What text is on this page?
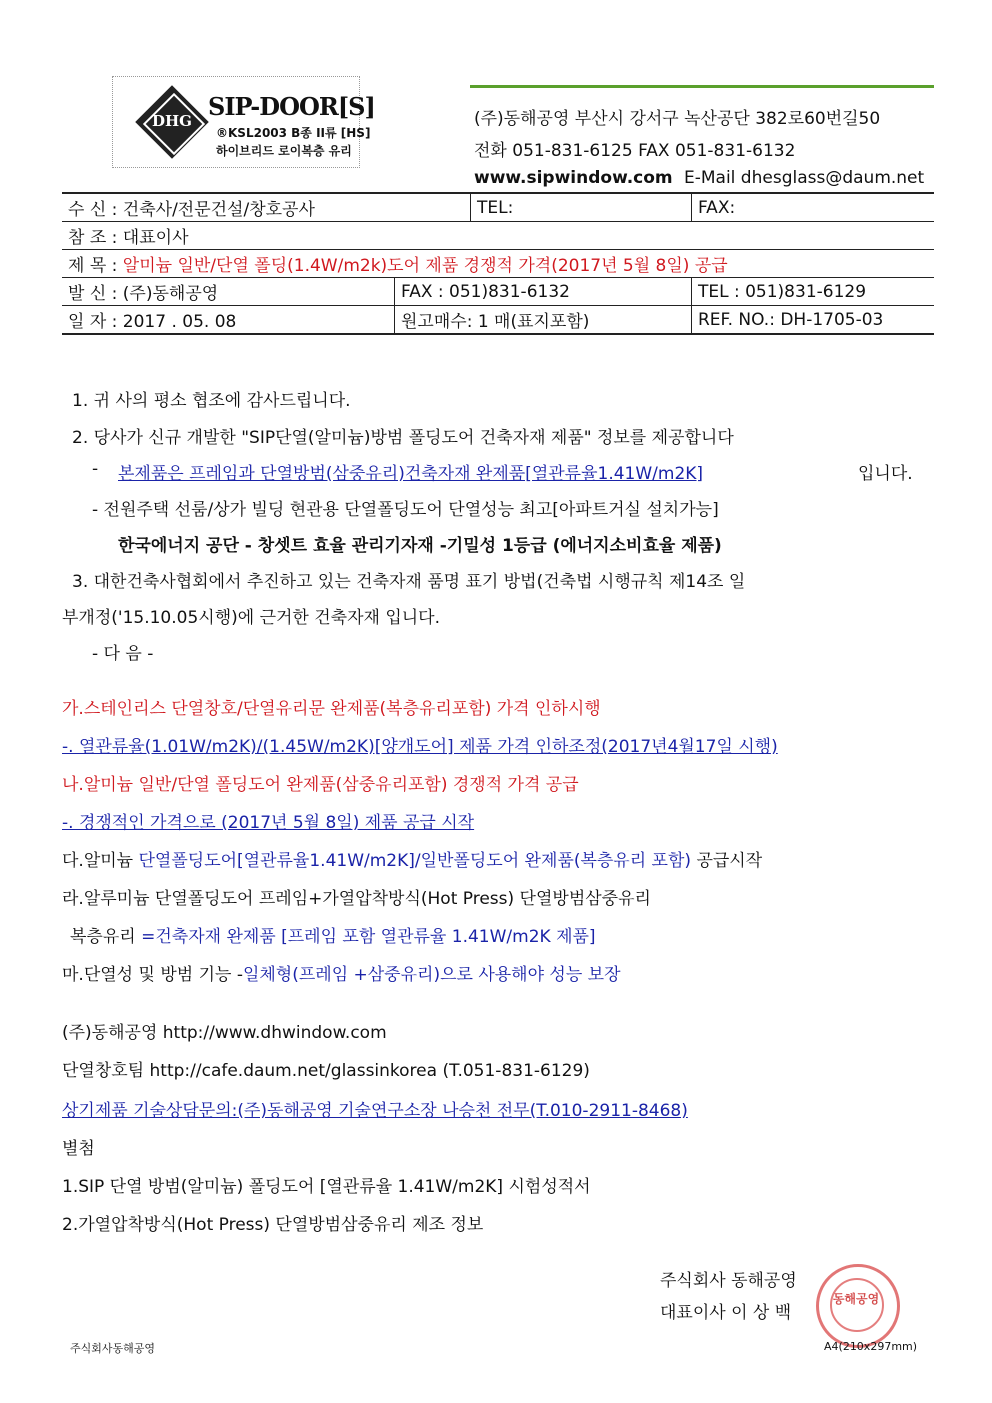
DHG SIP-DOOR[S]
®KSL2003 B종 II류 [HS]
하이브리드 로이복층 유리
(주)동해공영 부산시 강서구 녹산공단 382로60번길50
전화 051-831-6125 FAX 051-831-6132
www.sipwindow.com E-Mail dhesglass@daum.net
수 신 : 건축사/전문건설/창호공사		TEL:	FAX:
참 조 : 대표이사			
제 목 : 알미늄 일반/단열 폴딩(1.4W/m2k)도어 제품 경쟁적 가격(2017년 5월 8일) 공급			
발 신 : (주)동해공영	FAX : 051)831-6132		TEL : 051)831-6129
일 자 : 2017 . 05. 08	원고매수: 1 매(표지포함)		REF. NO.: DH-1705-03
1. 귀 사의 평소 협조에 감사드립니다.
2. 당사가 신규 개발한 "SIP단열(알미늄)방범 폴딩도어 건축자재 제품" 정보를 제공합니다
- 본제품은 프레임과 단열방범(삼중유리)건축자재 완제품[열관류율1.41W/m2K]	입니다.
- 전원주택 선룸/상가 빌딩 현관용 단열폴딩도어 단열성능 최고[아파트거실 설치가능]
한국에너지 공단 - 창셋트 효율 관리기자재 -기밀성 1등급 (에너지소비효율 제품)
3. 대한건축사협회에서 추진하고 있는 건축자재 품명 표기 방법(건축법 시행규칙 제14조 일
부개정('15.10.05시행)에 근거한 건축자재 입니다.
- 다 음 -
가.스테인리스 단열창호/단열유리문 완제품(복층유리포함) 가격 인하시행
-. 열관류율(1.01W/m2K)/(1.45W/m2K)[양개도어] 제품 가격 인하조정(2017년4월17일 시행)
나.알미늄 일반/단열 폴딩도어 완제품(삼중유리포함) 경쟁적 가격 공급
-. 경쟁적인 가격으로 (2017년 5월 8일) 제품 공급 시작
다.알미늄 단열폴딩도어[열관류율1.41W/m2K]/일반폴딩도어 완제품(복층유리 포함) 공급시작
라.알루미늄 단열폴딩도어 프레임+가열압착방식(Hot Press) 단열방범삼중유리
복층유리 =건축자재 완제품 [프레임 포함 열관류율 1.41W/m2K 제품]
마.단열성 및 방범 기능 -일체형(프레임 +삼중유리)으로 사용해야 성능 보장
(주)동해공영 http://www.dhwindow.com
단열창호팀 http://cafe.daum.net/glassinkorea (T.051-831-6129)
상기제품 기술상담문의:(주)동해공영 기술연구소장 나승천 전무(T.010-2911-8468)
별첨
1.SIP 단열 방범(알미늄) 폴딩도어 [열관류율 1.41W/m2K] 시험성적서
2.가열압착방식(Hot Press) 단열방범삼중유리 제조 정보
주식회사 동해공영
대표이사 이 상 백
동해공영
주식회사동해공영	A4(210x297mm)
